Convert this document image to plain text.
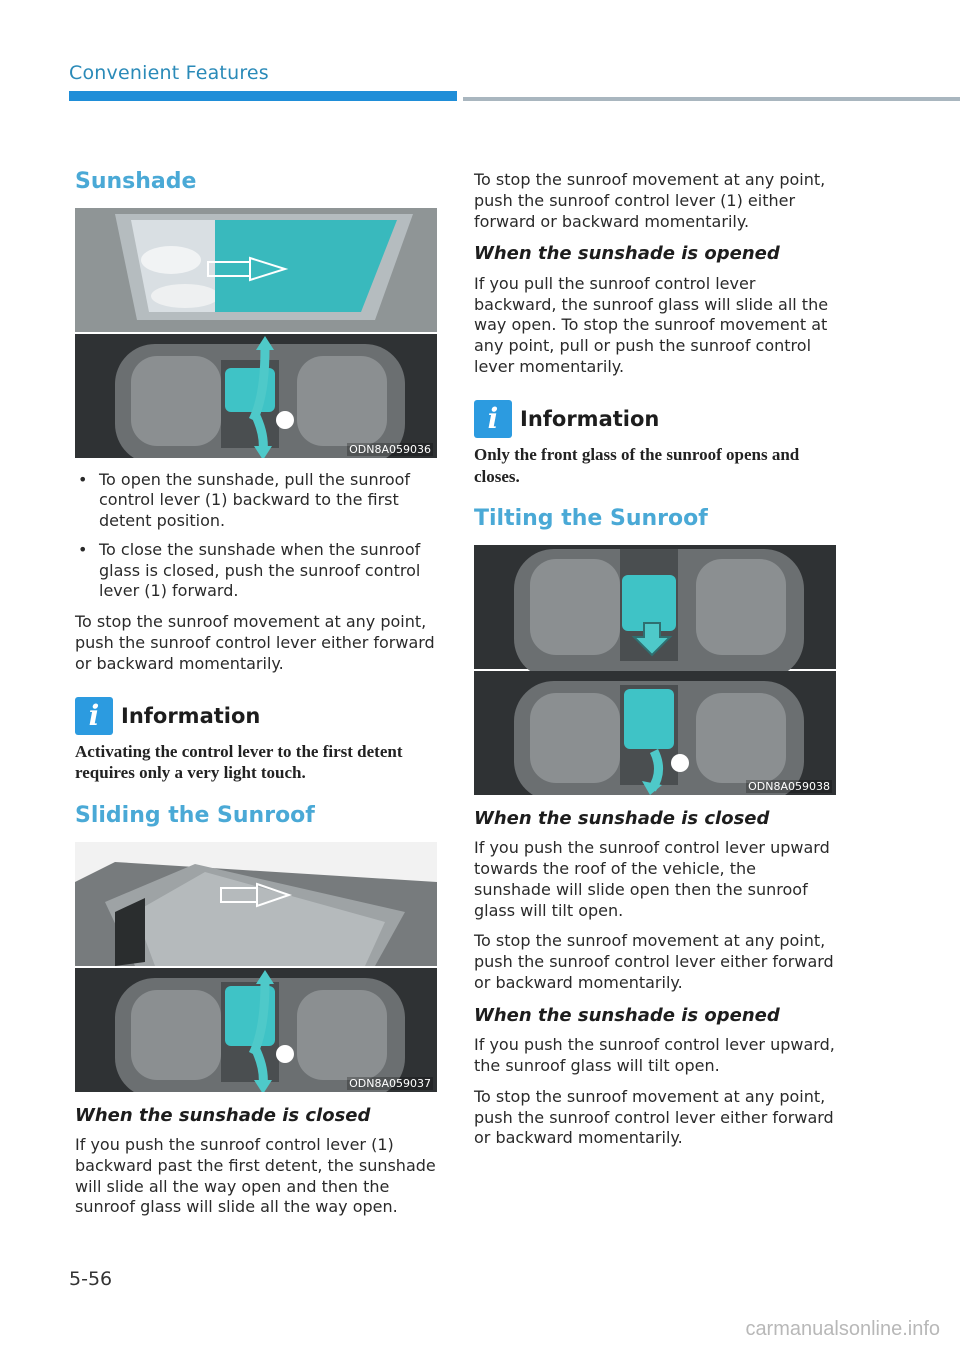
Convenient Features
Sunshade
ODN8A059036
• To open the sunshade, pull the sunroof control lever (1) backward to the first detent position.
• To close the sunshade when the sunroof glass is closed, push the sunroof control lever (1) forward.

To stop the sunroof movement at any point, push the sunroof control lever either forward or backward momentarily.

i	Information

Activating the control lever to the first detent requires only a very light touch.

Sliding the Sunroof
ODN8A059037
When the sunshade is closed

If you push the sunroof control lever (1) backward past the first detent, the sunshade will slide all the way open and then the sunroof glass will slide all the way open.

To stop the sunroof movement at any point, push the sunroof control lever (1) either forward or backward momentarily.

When the sunshade is opened

If you pull the sunroof control lever backward, the sunroof glass will slide all the way open. To stop the sunroof movement at any point, pull or push the sunroof control lever momentarily.

i	Information

Only the front glass of the sunroof opens and closes.

Tilting the Sunroof
ODN8A059038
When the sunshade is closed

If you push the sunroof control lever upward towards the roof of the vehicle, the sunshade will slide open then the sunroof glass will tilt open.

To stop the sunroof movement at any point, push the sunroof control lever either forward or backward momentarily.

When the sunshade is opened

If you push the sunroof control lever upward, the sunroof glass will tilt open.

To stop the sunroof movement at any point, push the sunroof control lever either forward or backward momentarily.

5-56
carmanualsonline.info
